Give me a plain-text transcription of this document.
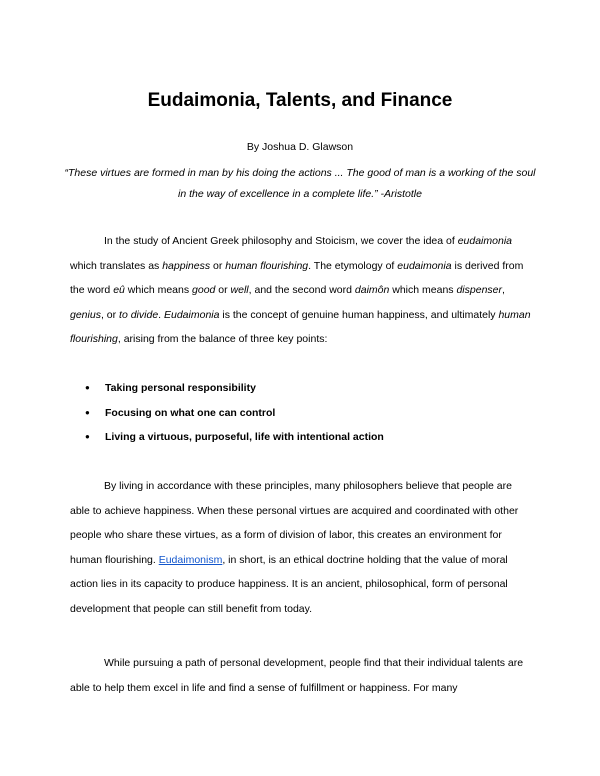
Eudaimonia, Talents, and Finance
By Joshua D. Glawson
“These virtues are formed in man by his doing the actions ... The good of man is a working of the soul in the way of excellence in a complete life.” -Aristotle
In the study of Ancient Greek philosophy and Stoicism, we cover the idea of eudaimonia which translates as happiness or human flourishing. The etymology of eudaimonia is derived from the word eû which means good or well, and the second word daimôn which means dispenser, genius, or to divide. Eudaimonia is the concept of genuine human happiness, and ultimately human flourishing, arising from the balance of three key points:
● Taking personal responsibility
● Focusing on what one can control
● Living a virtuous, purposeful, life with intentional action
By living in accordance with these principles, many philosophers believe that people are able to achieve happiness. When these personal virtues are acquired and coordinated with other people who share these virtues, as a form of division of labor, this creates an environment for human flourishing. Eudaimonism, in short, is an ethical doctrine holding that the value of moral action lies in its capacity to produce happiness. It is an ancient, philosophical, form of personal development that people can still benefit from today.
While pursuing a path of personal development, people find that their individual talents are able to help them excel in life and find a sense of fulfillment or happiness. For many
